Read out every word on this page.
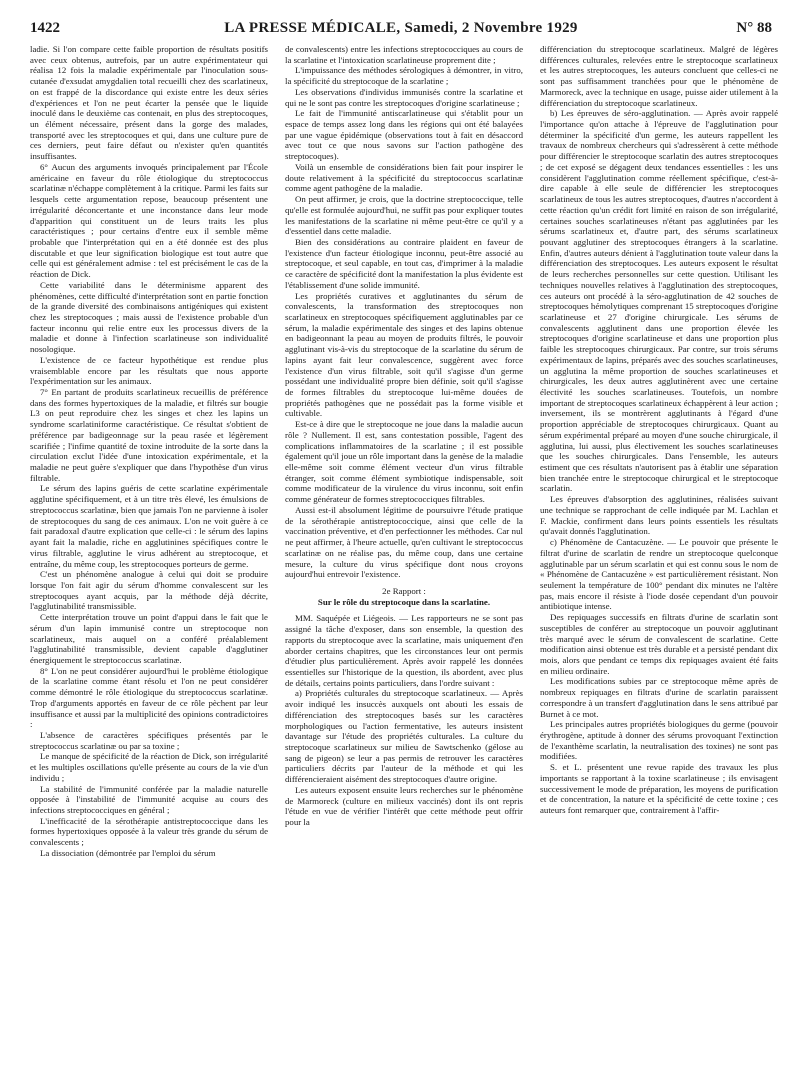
1422	LA PRESSE MÉDICALE, Samedi, 2 Novembre 1929	N° 88

ladie. Si l'on compare cette faible proportion de résultats positifs avec ceux obtenus, autrefois, par un autre expérimentateur qui réalisa 12 fois la maladie expérimentale par l'inoculation sous-cutanée d'exsudat amygdalien total recueilli chez des scarlatineux, on est frappé de la discordance qui existe entre les deux séries d'expériences et l'on ne peut écarter la pensée que le liquide inoculé dans le deuxième cas contenait, en plus des streptocoques, un élément nécessaire, présent dans la gorge des malades, transporté avec les streptocoques et qui, dans une culture pure de ces derniers, peut faire défaut ou n'exister qu'en quantités insuffisantes.

6° Aucun des arguments invoqués principalement par l'École américaine en faveur du rôle étiologique du streptococcus scarlatinæ n'échappe complètement à la critique. Parmi les faits sur lesquels cette argumentation repose, beaucoup présentent une irrégularité déconcertante et une inconstance dans leur mode d'apparition qui constituent un de leurs traits les plus caractéristiques ; pour certains d'entre eux il semble même probable que l'interprétation qui en a été donnée est des plus discutable et que leur signification biologique est tout autre que celle qui est généralement admise : tel est précisément le cas de la réaction de Dick.

Cette variabilité dans le déterminisme apparent des phénomènes, cette difficulté d'interprétation sont en partie fonction de la grande diversité des combinaisons antigéniques qui existent chez les streptocoques ; mais aussi de l'existence probable d'un facteur inconnu qui relie entre eux les processus divers de la maladie et donne à l'infection scarlatineuse son individualité nosologique.

L'existence de ce facteur hypothétique est rendue plus vraisemblable encore par les résultats que nous apporte l'expérimentation sur les animaux.

7° En partant de produits scarlatineux recueillis de préférence dans des formes hypertoxiques de la maladie, et filtrés sur bougie L3 on peut reproduire chez les singes et chez les lapins un syndrome scarlatiniforme caractéristique. Ce résultat s'obtient de préférence par badigeonnage sur la peau rasée et légèrement scarifiée ; l'infime quantité de toxine introduite de la sorte dans la circulation exclut l'idée d'une intoxication expérimentale, et la maladie ne peut guère s'expliquer que dans l'hypothèse d'un virus filtrable.

Le sérum des lapins guéris de cette scarlatine expérimentale agglutine spécifiquement, et à un titre très élevé, les émulsions de streptococcus scarlatinæ, bien que jamais l'on ne parvienne à isoler de streptocoques du sang de ces animaux. L'on ne voit guère à ce fait paradoxal d'autre explication que celle-ci : le sérum des lapins ayant fait la maladie, riche en agglutinines spécifiques contre le virus filtrable, agglutine le virus adhérent au streptocoque, et entraîne, du même coup, les streptocoques porteurs de germe.

C'est un phénomène analogue à celui qui doit se produire lorsque l'on fait agir du sérum d'homme convalescent sur les streptocoques ayant acquis, par la méthode déjà décrite, l'agglutinabilité transmissible.

Cette interprétation trouve un point d'appui dans le fait que le sérum d'un lapin immunisé contre un streptocoque non scarlatineux, mais auquel on a conféré préalablement l'agglutinabilité transmissible, devient capable d'agglutiner énergiquement le streptococcus scarlatinæ.

8° L'on ne peut considérer aujourd'hui le problème étiologique de la scarlatine comme étant résolu et l'on ne peut considérer comme démontré le rôle étiologique du streptococcus scarlatinæ. Trop d'arguments apportés en faveur de ce rôle pèchent par leur insuffisance et aussi par la multiplicité des opinions contradictoires :

L'absence de caractères spécifiques présentés par le streptococcus scarlatinæ ou par sa toxine ;

Le manque de spécificité de la réaction de Dick, son irrégularité et les multiples oscillations qu'elle présente au cours de la vie d'un individu ;

La stabilité de l'immunité conférée par la maladie naturelle opposée à l'instabilité de l'immunité acquise au cours des infections streptococciques en général ;

L'inefficacité de la sérothérapie antistreptococcique dans les formes hypertoxiques opposée à la valeur très grande du sérum de convalescents ;

La dissociation (démontrée par l'emploi du sérum

de convalescents) entre les infections streptococciques au cours de la scarlatine et l'intoxication scarlatineuse proprement dite ;

L'impuissance des méthodes sérologiques à démontrer, in vitro, la spécificité du streptocoque de la scarlatine ;

Les observations d'individus immunisés contre la scarlatine et qui ne le sont pas contre les streptocoques d'origine scarlatineuse ;

Le fait de l'immunité antiscarlatineuse qui s'établit pour un espace de temps assez long dans les régions qui ont été balayées par une vague épidémique (observations tout à fait en désaccord avec tout ce que nous savons sur l'action pathogène des streptocoques).

Voilà un ensemble de considérations bien fait pour inspirer le doute relativement à la spécificité du streptococcus scarlatinæ comme agent pathogène de la maladie.

On peut affirmer, je crois, que la doctrine streptococcique, telle qu'elle est formulée aujourd'hui, ne suffit pas pour expliquer toutes les manifestations de la scarlatine ni même peut-être ce qu'il y a d'essentiel dans cette maladie.

Bien des considérations au contraire plaident en faveur de l'existence d'un facteur étiologique inconnu, peut-être associé au streptocoque, et seul capable, en tout cas, d'imprimer à la maladie ce caractère de spécificité dont la manifestation la plus évidente est l'établissement d'une solide immunité.

Les propriétés curatives et agglutinantes du sérum de convalescents, la transformation des streptocoques non scarlatineux en streptocoques spécifiquement agglutinables par ce sérum, la maladie expérimentale des singes et des lapins obtenue en badigeonnant la peau au moyen de produits filtrés, le pouvoir agglutinant vis-à-vis du streptocoque de la scarlatine du sérum de lapins ayant fait leur convalescence, suggèrent avec force l'existence d'un virus filtrable, soit qu'il s'agisse d'un germe possédant une individualité propre bien définie, soit qu'il s'agisse de formes filtrables du streptocoque lui-même douées de propriétés pathogènes que ne possédait pas la forme visible et cultivable.

Est-ce à dire que le streptocoque ne joue dans la maladie aucun rôle ? Nullement. Il est, sans contestation possible, l'agent des complications inflammatoires de la scarlatine ; il est possible également qu'il joue un rôle important dans la genèse de la maladie elle-même soit comme élément vecteur d'un virus filtrable étranger, soit comme élément symbiotique indispensable, soit comme modificateur de la virulence du virus inconnu, soit enfin comme générateur de formes streptococciques filtrables.

Aussi est-il absolument légitime de poursuivre l'étude pratique de la sérothérapie antistreptococcique, ainsi que celle de la vaccination préventive, et d'en perfectionner les méthodes. Car nul ne peut affirmer, à l'heure actuelle, qu'en cultivant le streptococcus scarlatinæ on ne réalise pas, du même coup, dans une certaine mesure, la culture du virus spécifique dont nous croyons aujourd'hui entrevoir l'existence.

2e Rapport :

Sur le rôle du streptocoque dans la scarlatine.

MM. Saquépée et Liégeois. — Les rapporteurs ne se sont pas assigné la tâche d'exposer, dans son ensemble, la question des rapports du streptocoque avec la scarlatine, mais uniquement d'en aborder certains chapitres, que les circonstances leur ont permis d'étudier plus particulièrement. Après avoir rappelé les données essentielles sur l'historique de la question, ils abordent, avec plus de détails, certains points particuliers, dans l'ordre suivant :

a) Propriétés culturales du streptocoque scarlatineux. — Après avoir indiqué les insuccès auxquels ont abouti les essais de différenciation des streptocoques basés sur les caractères morphologiques ou l'action fermentative, les auteurs insistent davantage sur l'étude des propriétés culturales. La culture du streptocoque scarlatineux sur milieu de Sawtschenko (gélose au sang de pigeon) se leur a pas permis de retrouver les caractères particuliers décrits par l'auteur de la méthode et qui les différencieraient aisément des streptocoques d'autre origine.

Les auteurs exposent ensuite leurs recherches sur le phénomène de Marmoreck (culture en milieux vaccinés) dont ils ont repris l'étude en vue de vérifier l'intérêt que cette méthode peut offrir pour la

différenciation du streptocoque scarlatineux. Malgré de légères différences culturales, relevées entre le streptocoque scarlatineux et les autres streptocoques, les auteurs concluent que celles-ci ne sont pas suffisamment tranchées pour que le phénomène de Marmoreck, avec la technique en usage, puisse aider utilement à la différenciation du streptocoque scarlatineux.

b) Les épreuves de séro-agglutination. — Après avoir rappelé l'importance qu'on attache à l'épreuve de l'agglutination pour déterminer la spécificité d'un germe, les auteurs rappellent les travaux de nombreux chercheurs qui s'adressèrent à cette méthode pour différencier le streptocoque scarlatin des autres streptocoques ; de cet exposé se dégagent deux tendances essentielles : les uns considèrent l'agglutination comme réellement spécifique, c'est-à-dire capable à elle seule de différencier les streptocoques scarlatineux de tous les autres streptocoques, d'autres n'accordent à cette réaction qu'un crédit fort limité en raison de son irrégularité, certaines souches scarlatineuses n'étant pas agglutinées par les sérums scarlatineux et, d'autre part, des sérums scarlatineux pouvant agglutiner des streptocoques étrangers à la scarlatine. Enfin, d'autres auteurs dénient à l'agglutination toute valeur dans la différenciation des streptocoques. Les auteurs exposent le résultat de leurs recherches personnelles sur cette question. Utilisant les techniques nouvelles relatives à l'agglutination des streptocoques, ces auteurs ont procédé à la séro-agglutination de 42 souches de streptocoques hémolytiques comprenant 15 streptocoques d'origine scarlatineuse et 27 d'origine chirurgicale. Les sérums de convalescents agglutinent dans une proportion élevée les streptocoques d'origine scarlatineuse et dans une proportion plus faible les streptocoques chirurgicaux. Par contre, sur trois sérums expérimentaux de lapins, préparés avec des souches scarlatineuses, un agglutina la même proportion de souches scarlatineuses et chirurgicales, les deux autres agglutinèrent avec une certaine électivité les souches scarlatineuses. Toutefois, un nombre important de streptocoques scarlatineux échappèrent à leur action ; inversement, ils se montrèrent agglutinants à l'égard d'une proportion appréciable de streptocoques chirurgicaux. Quant au sérum expérimental préparé au moyen d'une souche chirurgicale, il agglutina, lui aussi, plus électivement les souches scarlatineuses que les souches chirurgicales. Dans l'ensemble, les auteurs estiment que ces résultats n'autorisent pas à établir une séparation bien tranchée entre le streptocoque chirurgical et le streptocoque scarlatin.

Les épreuves d'absorption des agglutinines, réalisées suivant une technique se rapprochant de celle indiquée par M. Lachlan et F. Mackie, confirment dans leurs points essentiels les résultats qu'avait donnés l'agglutination.

c) Phénomène de Cantacuzène. — Le pouvoir que présente le filtrat d'urine de scarlatin de rendre un streptocoque quelconque agglutinable par un sérum scarlatin et qui est connu sous le nom de « Phénomène de Cantacuzène » est particulièrement résistant. Non seulement la température de 100° pendant dix minutes ne l'altère pas, mais encore il résiste à l'iode dosée cependant d'un pouvoir antibiotique intense.

Des repiquages successifs en filtrats d'urine de scarlatin sont susceptibles de conférer au streptocoque un pouvoir agglutinant très marqué avec le sérum de convalescent de scarlatine. Cette modification ainsi obtenue est très durable et a persisté pendant dix mois, alors que pendant ce temps dix repiquages avaient été faits en milieu ordinaire.

Les modifications subies par ce streptocoque même après de nombreux repiquages en filtrats d'urine de scarlatin paraissent correspondre à un transfert d'agglutination dans le sens attribué par Burnet à ce mot.

Les principales autres propriétés biologiques du germe (pouvoir érythrogène, aptitude à donner des sérums provoquant l'extinction de l'exanthème scarlatin, la neutralisation des toxines) ne sont pas modifiées.

S. et L. présentent une revue rapide des travaux les plus importants se rapportant à la toxine scarlatineuse ; ils envisagent successivement le mode de préparation, les moyens de purification et de concentration, la nature et la spécificité de cette toxine ; ces auteurs font remarquer que, contrairement à l'affir-
